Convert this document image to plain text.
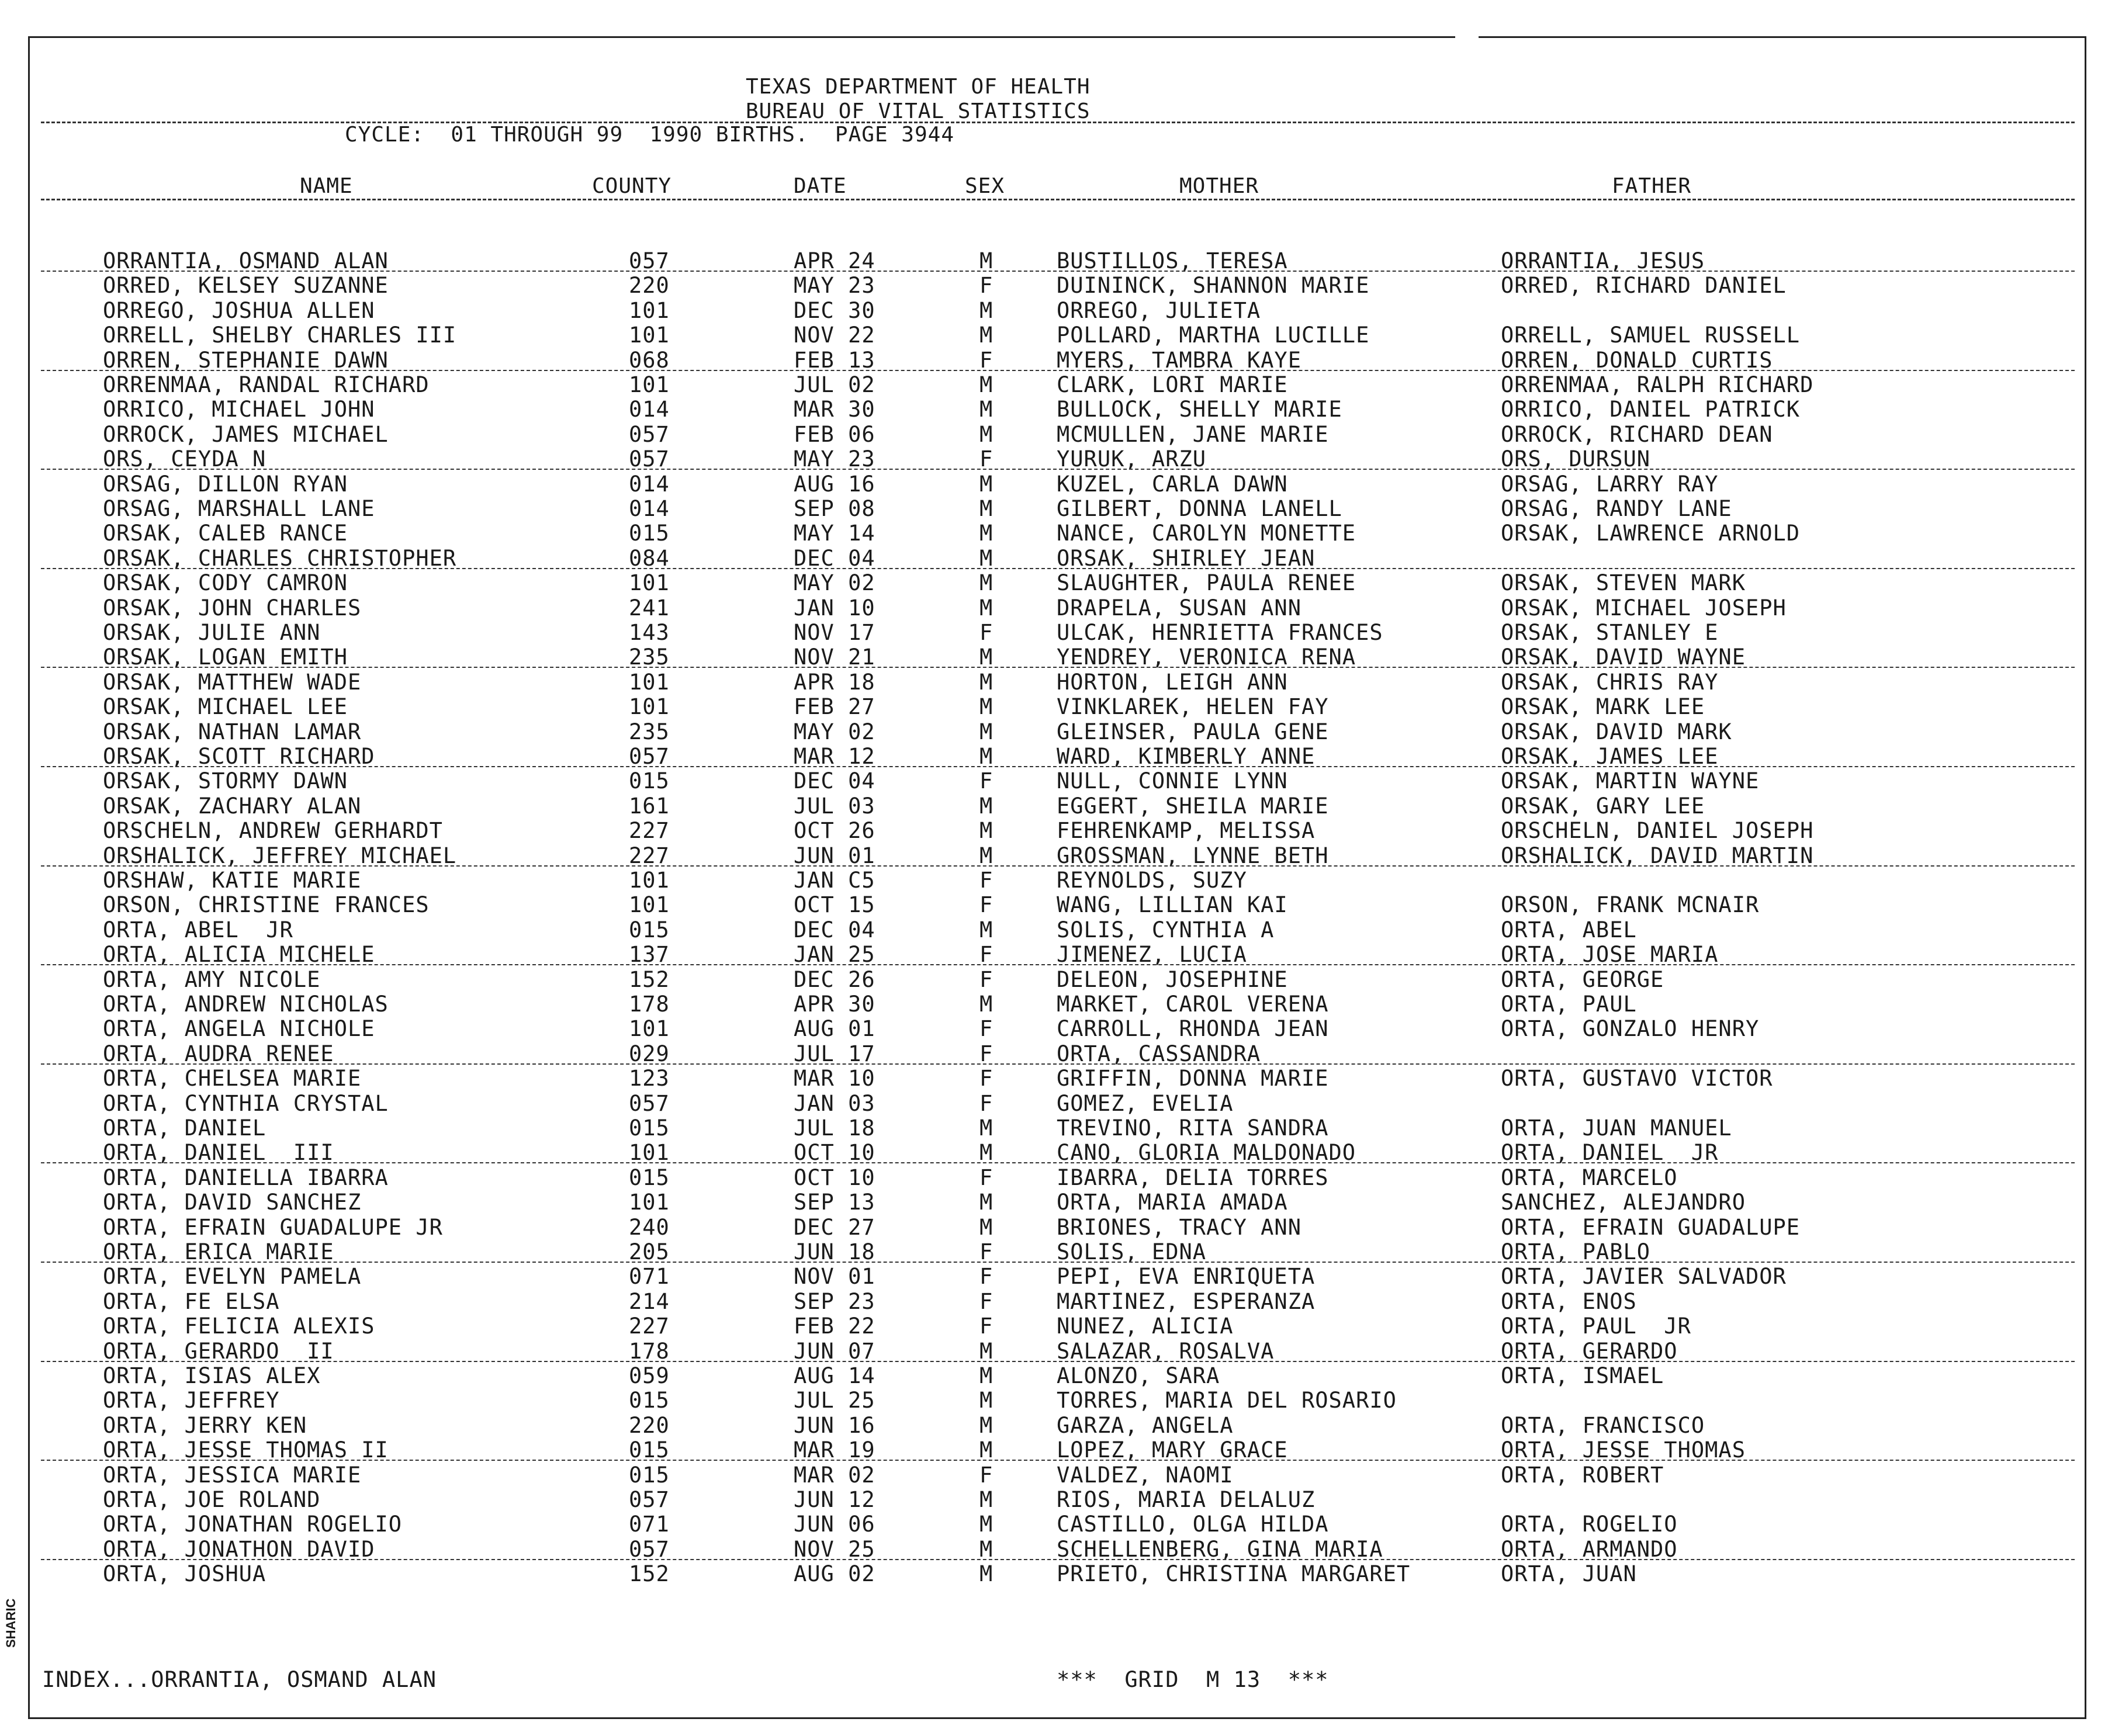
TEXAS DEPARTMENT OF HEALTH
BUREAU OF VITAL STATISTICS
CYCLE:  01 THROUGH 99  1990 BIRTHS.  PAGE 3944
NAME	COUNTY	DATE	SEX	MOTHER	FATHER
ORRANTIA, OSMAND ALAN	057	APR 24	M	BUSTILLOS, TERESA	ORRANTIA, JESUS
ORRED, KELSEY SUZANNE	220	MAY 23	F	DUININCK, SHANNON MARIE	ORRED, RICHARD DANIEL
ORREGO, JOSHUA ALLEN	101	DEC 30	M	ORREGO, JULIETA
ORRELL, SHELBY CHARLES III	101	NOV 22	M	POLLARD, MARTHA LUCILLE	ORRELL, SAMUEL RUSSELL
ORREN, STEPHANIE DAWN	068	FEB 13	F	MYERS, TAMBRA KAYE	ORREN, DONALD CURTIS
ORRENMAA, RANDAL RICHARD	101	JUL 02	M	CLARK, LORI MARIE	ORRENMAA, RALPH RICHARD
ORRICO, MICHAEL JOHN	014	MAR 30	M	BULLOCK, SHELLY MARIE	ORRICO, DANIEL PATRICK
ORROCK, JAMES MICHAEL	057	FEB 06	M	MCMULLEN, JANE MARIE	ORROCK, RICHARD DEAN
ORS, CEYDA N	057	MAY 23	F	YURUK, ARZU	ORS, DURSUN
ORSAG, DILLON RYAN	014	AUG 16	M	KUZEL, CARLA DAWN	ORSAG, LARRY RAY
ORSAG, MARSHALL LANE	014	SEP 08	M	GILBERT, DONNA LANELL	ORSAG, RANDY LANE
ORSAK, CALEB RANCE	015	MAY 14	M	NANCE, CAROLYN MONETTE	ORSAK, LAWRENCE ARNOLD
ORSAK, CHARLES CHRISTOPHER	084	DEC 04	M	ORSAK, SHIRLEY JEAN
ORSAK, CODY CAMRON	101	MAY 02	M	SLAUGHTER, PAULA RENEE	ORSAK, STEVEN MARK
ORSAK, JOHN CHARLES	241	JAN 10	M	DRAPELA, SUSAN ANN	ORSAK, MICHAEL JOSEPH
ORSAK, JULIE ANN	143	NOV 17	F	ULCAK, HENRIETTA FRANCES	ORSAK, STANLEY E
ORSAK, LOGAN EMITH	235	NOV 21	M	YENDREY, VERONICA RENA	ORSAK, DAVID WAYNE
ORSAK, MATTHEW WADE	101	APR 18	M	HORTON, LEIGH ANN	ORSAK, CHRIS RAY
ORSAK, MICHAEL LEE	101	FEB 27	M	VINKLAREK, HELEN FAY	ORSAK, MARK LEE
ORSAK, NATHAN LAMAR	235	MAY 02	M	GLEINSER, PAULA GENE	ORSAK, DAVID MARK
ORSAK, SCOTT RICHARD	057	MAR 12	M	WARD, KIMBERLY ANNE	ORSAK, JAMES LEE
ORSAK, STORMY DAWN	015	DEC 04	F	NULL, CONNIE LYNN	ORSAK, MARTIN WAYNE
ORSAK, ZACHARY ALAN	161	JUL 03	M	EGGERT, SHEILA MARIE	ORSAK, GARY LEE
ORSCHELN, ANDREW GERHARDT	227	OCT 26	M	FEHRENKAMP, MELISSA	ORSCHELN, DANIEL JOSEPH
ORSHALICK, JEFFREY MICHAEL	227	JUN 01	M	GROSSMAN, LYNNE BETH	ORSHALICK, DAVID MARTIN
ORSHAW, KATIE MARIE	101	JAN C5	F	REYNOLDS, SUZY
ORSON, CHRISTINE FRANCES	101	OCT 15	F	WANG, LILLIAN KAI	ORSON, FRANK MCNAIR
ORTA, ABEL  JR	015	DEC 04	M	SOLIS, CYNTHIA A	ORTA, ABEL
ORTA, ALICIA MICHELE	137	JAN 25	F	JIMENEZ, LUCIA	ORTA, JOSE MARIA
ORTA, AMY NICOLE	152	DEC 26	F	DELEON, JOSEPHINE	ORTA, GEORGE
ORTA, ANDREW NICHOLAS	178	APR 30	M	MARKET, CAROL VERENA	ORTA, PAUL
ORTA, ANGELA NICHOLE	101	AUG 01	F	CARROLL, RHONDA JEAN	ORTA, GONZALO HENRY
ORTA, AUDRA RENEE	029	JUL 17	F	ORTA, CASSANDRA
ORTA, CHELSEA MARIE	123	MAR 10	F	GRIFFIN, DONNA MARIE	ORTA, GUSTAVO VICTOR
ORTA, CYNTHIA CRYSTAL	057	JAN 03	F	GOMEZ, EVELIA
ORTA, DANIEL	015	JUL 18	M	TREVINO, RITA SANDRA	ORTA, JUAN MANUEL
ORTA, DANIEL  III	101	OCT 10	M	CANO, GLORIA MALDONADO	ORTA, DANIEL  JR
ORTA, DANIELLA IBARRA	015	OCT 10	F	IBARRA, DELIA TORRES	ORTA, MARCELO
ORTA, DAVID SANCHEZ	101	SEP 13	M	ORTA, MARIA AMADA	SANCHEZ, ALEJANDRO
ORTA, EFRAIN GUADALUPE JR	240	DEC 27	M	BRIONES, TRACY ANN	ORTA, EFRAIN GUADALUPE
ORTA, ERICA MARIE	205	JUN 18	F	SOLIS, EDNA	ORTA, PABLO
ORTA, EVELYN PAMELA	071	NOV 01	F	PEPI, EVA ENRIQUETA	ORTA, JAVIER SALVADOR
ORTA, FE ELSA	214	SEP 23	F	MARTINEZ, ESPERANZA	ORTA, ENOS
ORTA, FELICIA ALEXIS	227	FEB 22	F	NUNEZ, ALICIA	ORTA, PAUL  JR
ORTA, GERARDO  II	178	JUN 07	M	SALAZAR, ROSALVA	ORTA, GERARDO
ORTA, ISIAS ALEX	059	AUG 14	M	ALONZO, SARA	ORTA, ISMAEL
ORTA, JEFFREY	015	JUL 25	M	TORRES, MARIA DEL ROSARIO
ORTA, JERRY KEN	220	JUN 16	M	GARZA, ANGELA	ORTA, FRANCISCO
ORTA, JESSE THOMAS II	015	MAR 19	M	LOPEZ, MARY GRACE	ORTA, JESSE THOMAS
ORTA, JESSICA MARIE	015	MAR 02	F	VALDEZ, NAOMI	ORTA, ROBERT
ORTA, JOE ROLAND	057	JUN 12	M	RIOS, MARIA DELALUZ
ORTA, JONATHAN ROGELIO	071	JUN 06	M	CASTILLO, OLGA HILDA	ORTA, ROGELIO
ORTA, JONATHON DAVID	057	NOV 25	M	SCHELLENBERG, GINA MARIA	ORTA, ARMANDO
ORTA, JOSHUA	152	AUG 02	M	PRIETO, CHRISTINA MARGARET	ORTA, JUAN
INDEX...ORRANTIA, OSMAND ALAN	***  GRID  M 13  ***
SHARIC
